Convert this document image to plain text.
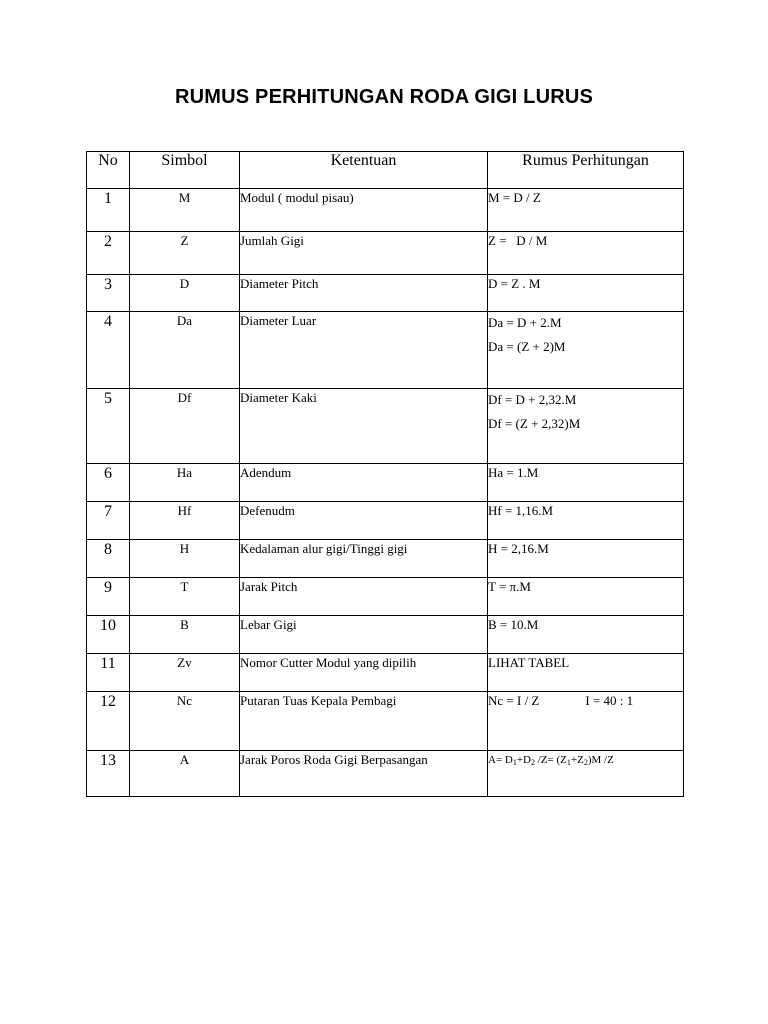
RUMUS PERHITUNGAN RODA GIGI LURUS
No	Simbol	Ketentuan	Rumus Perhitungan

1	M	Modul ( modul pisau)	M = D / Z

2	Z	Jumlah Gigi	Z =   D / M

3	D	Diameter Pitch	D = Z . M

4	Da	Diameter Luar	Da = D + 2.M
Da = (Z + 2)M

5	Df	Diameter Kaki	Df = D + 2,32.M
Df = (Z + 2,32)M

6	Ha	Adendum	Ha = 1.M

7	Hf	Defenudm	Hf = 1,16.M

8	H	Kedalaman alur gigi/Tinggi gigi	H = 2,16.M

9	T	Jarak Pitch	T = π.M

10	B	Lebar Gigi	B = 10.M

11	Zv	Nomor Cutter Modul yang dipilih	LIHAT TABEL

12	Nc	Putaran Tuas Kepala Pembagi	Nc = I / Z I = 40 : 1

13	A	Jarak Poros Roda Gigi Berpasangan	$A= D_1+D_2$ $/Z= (Z_1+Z_2)M$ /Z
